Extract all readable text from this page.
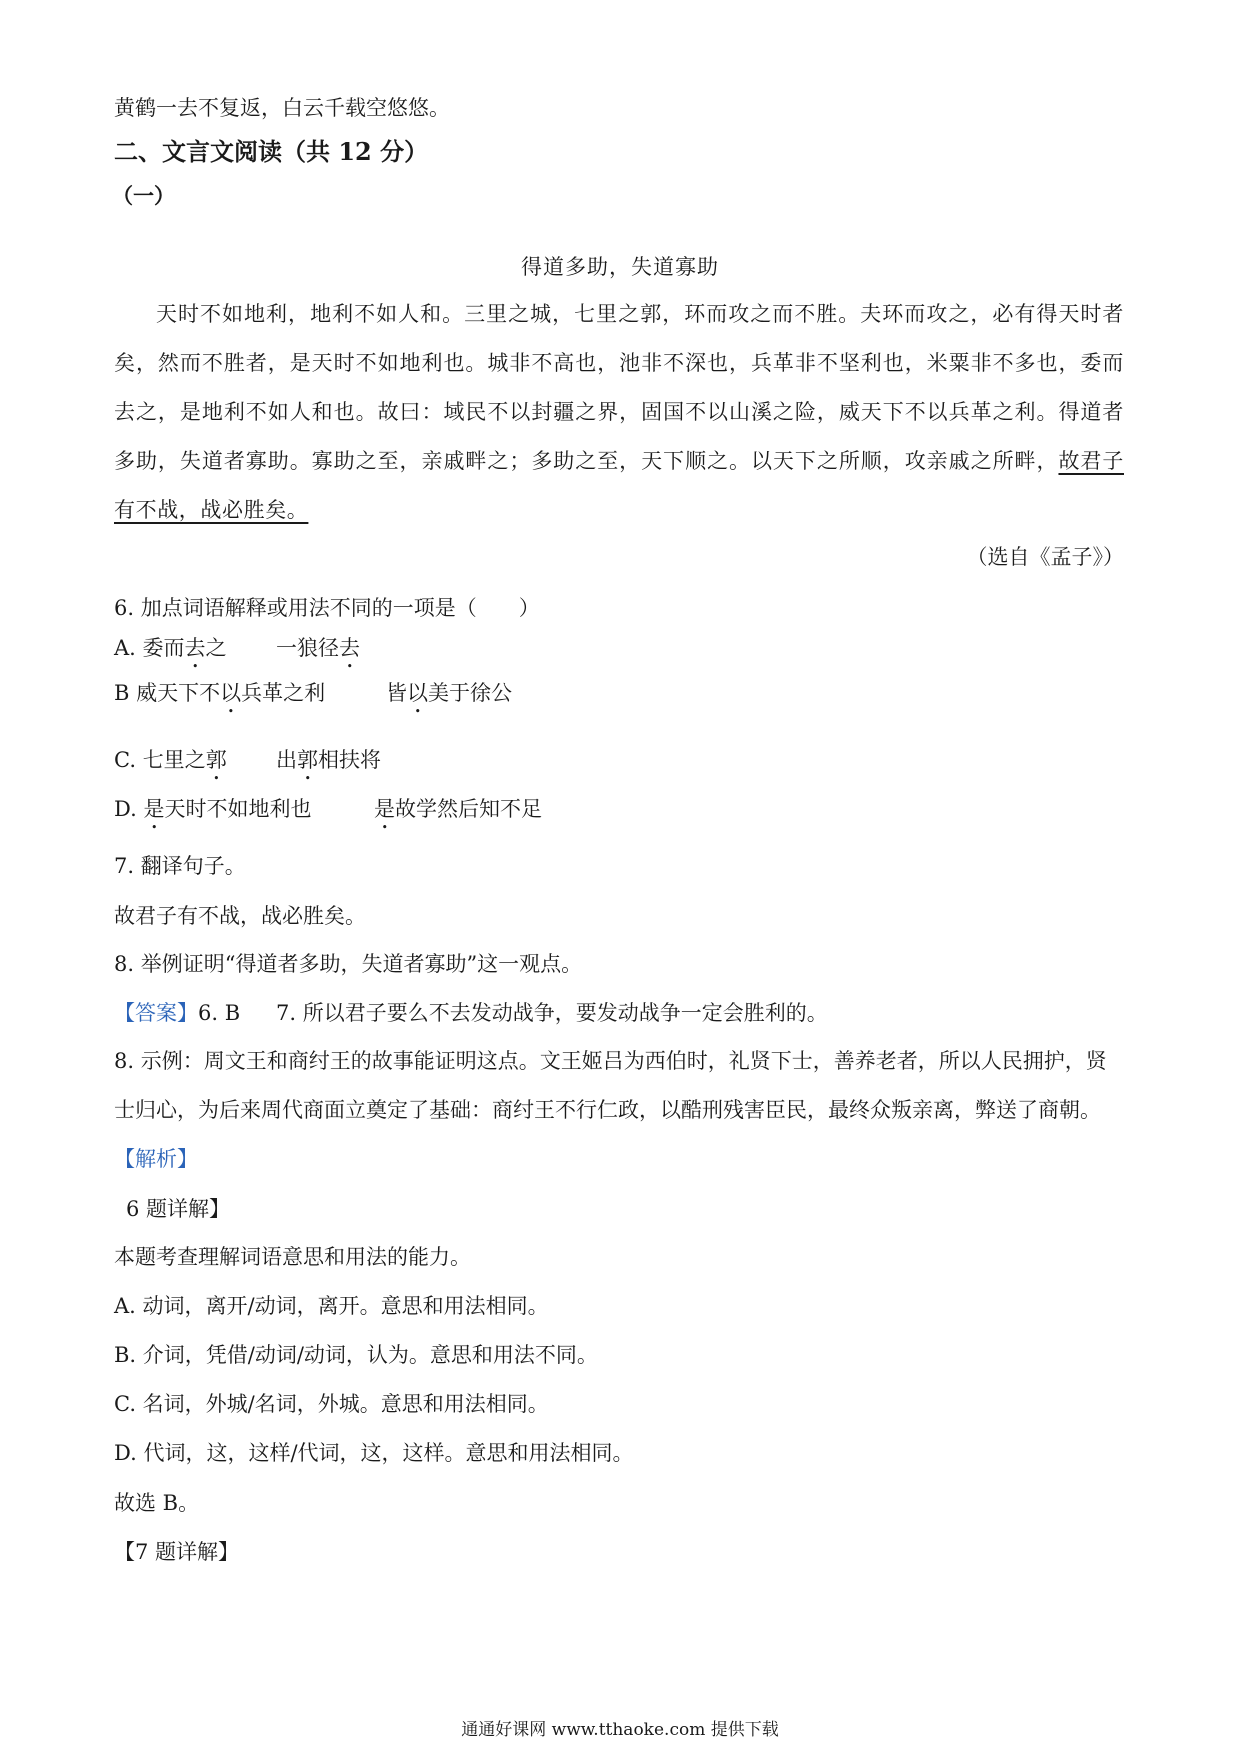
黄鹤一去不复返，白云千载空悠悠。
二、文言文阅读（共 12 分）
（一）
得道多助，失道寡助
天时不如地利，地利不如人和。三里之城，七里之郭，环而攻之而不胜。夫环而攻之，必有得天时者矣，然而不胜者，是天时不如地利也。城非不高也，池非不深也，兵革非不坚利也，米粟非不多也，委而去之，是地利不如人和也。故曰：域民不以封疆之界，固国不以山溪之险，威天下不以兵革之利。得道者多助，失道者寡助。寡助之至，亲戚畔之；多助之至，天下顺之。以天下之所顺，攻亲戚之所畔，故君子有不战，战必胜矣。
（选自《孟子》）
6. 加点词语解释或用法不同的一项是（　　）
A. 委而去之 一狼径去
B 威天下不以兵革之利	皆以美于徐公
C. 七里之郭 出郭相扶将
D. 是天时不如地利也	是故学然后知不足
7. 翻译句子。
故君子有不战，战必胜矣。
8. 举例证明“得道者多助，失道者寡助”这一观点。
【答案】6. B 7. 所以君子要么不去发动战争，要发动战争一定会胜利的。
8. 示例：周文王和商纣王的故事能证明这点。文王姬吕为西伯时，礼贤下士，善养老者，所以人民拥护，贤
士归心，为后来周代商面立奠定了基础：商纣王不行仁政，以酷刑残害臣民，最终众叛亲离，弊送了商朝。
【解析】
6 题详解】
本题考查理解词语意思和用法的能力。
A. 动词，离开/动词，离开。意思和用法相同。
B. 介词，凭借/动词/动词，认为。意思和用法不同。
C. 名词，外城/名词，外城。意思和用法相同。
D. 代词，这，这样/代词，这，这样。意思和用法相同。
故选 B。
【7 题详解】
通通好课网 www.tthaoke.com 提供下载
